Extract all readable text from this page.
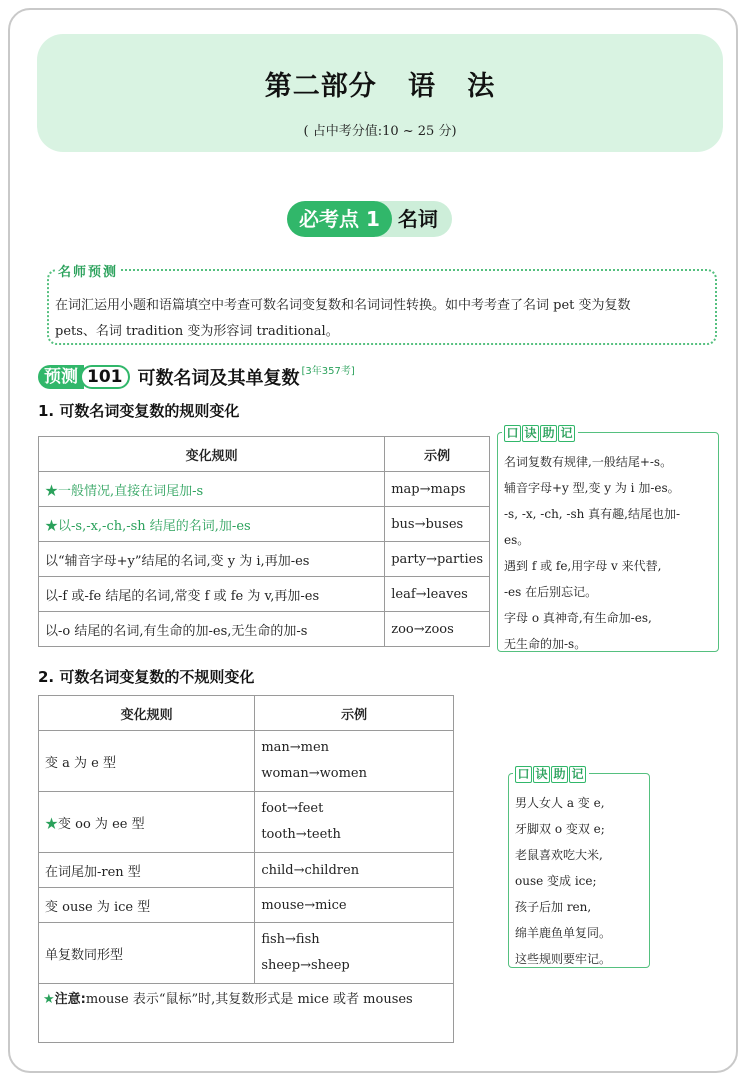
第二部分   语   法
( 占中考分值:10 ~ 25 分)
必考点 1 名词
名师预测

在词汇运用小题和语篇填空中考查可数名词变复数和名词词性转换。如中考考查了名词 pet 变为复数

pets、名词 tradition 变为形容词 traditional。

预测 101 可数名词及其单复数 [3年357考]
1. 可数名词变复数的规则变化
变化规则	示例
★一般情况,直接在词尾加-s	map→maps
★以-s,-x,-ch,-sh 结尾的名词,加-es	bus→buses
以“辅音字母+y”结尾的名词,变 y 为 i,再加-es	party→parties
以-f 或-fe 结尾的名词,常变 f 或 fe 为 v,再加-es	leaf→leaves
以-o 结尾的名词,有生命的加-es,无生命的加-s	zoo→zoos
口 诀 助 记
名词复数有规律,一般结尾+-s。
辅音字母+y 型,变 y 为 i 加-es。
-s, -x, -ch, -sh 真有趣,结尾也加-
es。
遇到 f 或 fe,用字母 v 来代替,
-es 在后别忘记。
字母 o 真神奇,有生命加-es,
无生命的加-s。
2. 可数名词变复数的不规则变化
变化规则	示例
变 a 为 e 型	man→men
woman→women

★变 oo 为 ee 型	foot→feet
tooth→teeth

在词尾加-ren 型	child→children

变 ouse 为 ice 型	mouse→mice

单复数同形型	fish→fish
sheep→sheep
★注意:mouse 表示“鼠标”时,其复数形式是 mice 或者 mouses
口 诀 助 记
男人女人 a 变 e,
牙脚双 o 变双 e;
老鼠喜欢吃大米,
ouse 变成 ice;
孩子后加 ren,
绵羊鹿鱼单复同。
这些规则要牢记。
